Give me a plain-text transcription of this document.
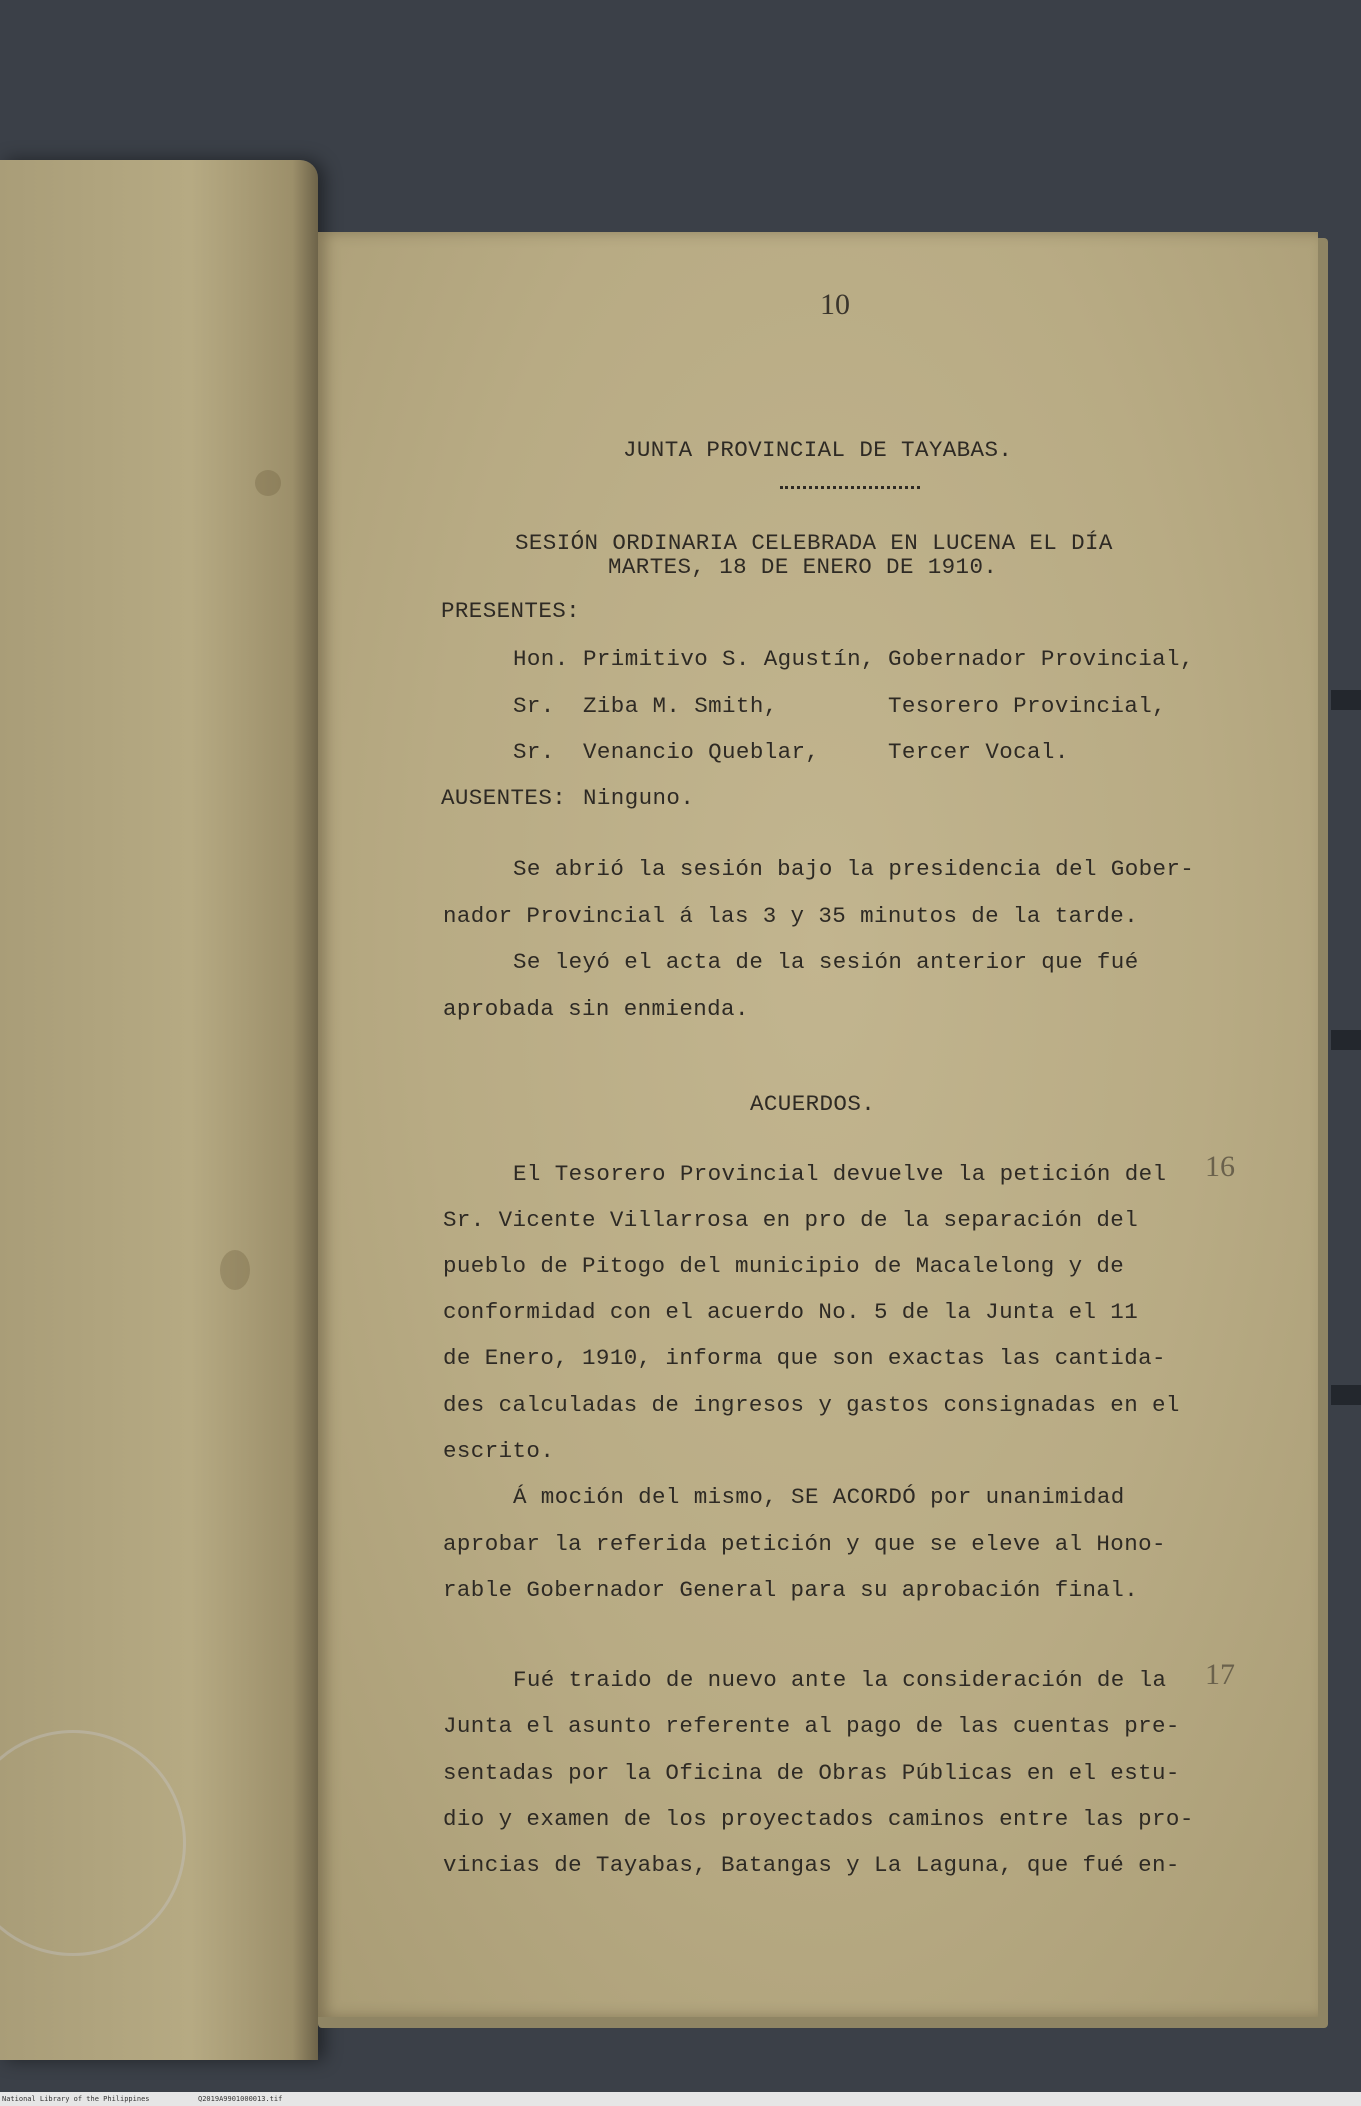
10
JUNTA PROVINCIAL DE TAYABAS.
SESIÓN ORDINARIA CELEBRADA EN LUCENA EL DÍA
MARTES, 18 DE ENERO DE 1910.
PRESENTES:
Hon. Primitivo S. Agustín, Gobernador Provincial,
Sr. Ziba M. Smith,	Tesorero Provincial,
Sr. Venancio Queblar,	Tercer Vocal.
AUSENTES: Ninguno.
Se abrió la sesión bajo la presidencia del Gober-
nador Provincial á las 3 y 35 minutos de la tarde.
Se leyó el acta de la sesión anterior que fué
aprobada sin enmienda.
ACUERDOS.
16
El Tesorero Provincial devuelve la petición del
Sr. Vicente Villarrosa en pro de la separación del
pueblo de Pitogo del municipio de Macalelong y de
conformidad con el acuerdo No. 5 de la Junta el 11
de Enero, 1910, informa que son exactas las cantida-
des calculadas de ingresos y gastos consignadas en el
escrito.
Á moción del mismo, SE ACORDÓ por unanimidad
aprobar la referida petición y que se eleve al Hono-
rable Gobernador General para su aprobación final.
17
Fué traido de nuevo ante la consideración de la
Junta el asunto referente al pago de las cuentas pre-
sentadas por la Oficina de Obras Públicas en el estu-
dio y examen de los proyectados caminos entre las pro-
vincias de Tayabas, Batangas y La Laguna, que fué en-
National Library of the Philippines	Q2019A9901000013.tif
